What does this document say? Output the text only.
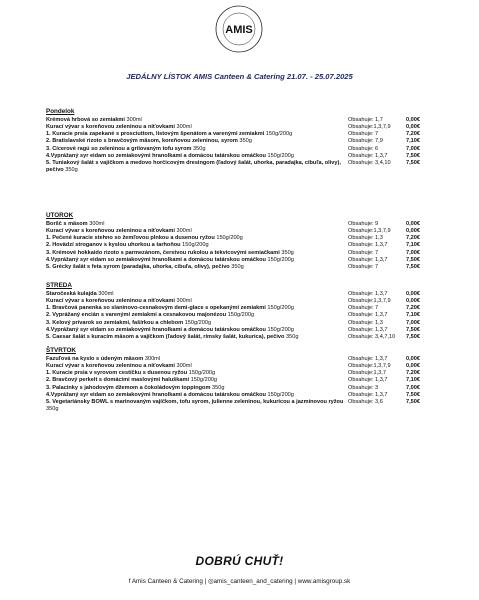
AMIS
JEDÁLNY LÍSTOK AMIS Canteen & Catering 21.07. - 25.07.2025
Pondelok
Krémová hrbová so zemiakmi 300ml	Obsahuje: 1,7	0,00€
Kurací vývar s koreňovou zeleninou a niťovkami 300ml	Obsahuje:1,3,7,9	0,00€
1. Kuracie prsia zapekané s prosciuttom, listovým špenátom a varenými zemiakmi 150g/200g	Obsahuje: 7	7,20€
2. Bratislavské rizoto s bravčovým mäsom, koreňovou zeleninou, syrom 350g	Obsahuje: 7,9	7,10€
3. Cícerové ragú so zeleninou a grilovaným tofu syrom 350g	Obsahuje: 6	7,00€
4.Vyprážaný syr eidam so zemiakovými hranolkami a domácou tatárskou omáčkou 150g/200g	Obsahuje: 1,3,7	7,50€
5. Tuniakový šalát s vajíčkom a medovo horčicovým dresingom (ľadový šalát, uhorka, paradajka, cibuľa, olivy), pečivo 350g
Obsahuje: 3,4,10	7,50€
UTOROK
Boršč s mäsom 300ml	Obsahuje: 9	0,00€
Kurací vývar s koreňovou zeleninou a niťovkami 300ml	Obsahuje:1,3,7,9	0,00€
1. Pečené kuracie stehno so žemľovou plnkou a dusenou ryžou 150g/200g	Obsahuje: 1,3	7,20€
2. Hovädzí stroganov s kyslou uhorkou a tarhoňou 150g/200g	Obsahuje: 1,3,7	7,10€
3. Krémové hokkaido rizoto s parmezánom, čerstvou rukolou a tekvicovými semiačkami 350g	Obsahuje: 7	7,00€
4.Vyprážaný syr eidam so zemiakovými hranolkami a domácou tatárskou omáčkou 150g/200g	Obsahuje: 1,3,7	7,50€
5. Grécky šalát s feta syrom (paradajka, uhorka, cibuľa, olivy), pečivo 350g	Obsahuje: 7	7,50€
STREDA
Staročeská kulajda 300ml	Obsahuje: 1,3,7	0,00€
Kurací vývar s koreňovou zeleninou a niťovkami 300ml	Obsahuje:1,3,7,9	0,00€
1. Bravčová panenka so slaninovo-cesnakovým demi-glace s opekanými zemiakmi 150g/200g	Obsahuje: 7	7,20€
2. Vyprážaný encián s varenými zemiakmi a cesnakovou majonézou 150g/200g	Obsahuje: 1,3,7	7,10€
3. Kelový prívarok so zemiakmi, fašírkou a chlebom 150g/200g	Obsahuje: 1,3	7,00€
4.Vyprážaný syr eidam so zemiakovými hranolkami a domácou tatárskou omáčkou 150g/200g	Obsahuje: 1,3,7	7,50€
5. Caesar šalát s kuracím mäsom a vajíčkom (ľadový šalát, rímsky šalát, kukurica), pečivo 350g	Obsahuje: 3,4,7,10	7,50€
ŠTVRTOK
Fazuľová na kyslo s údeným mäsom 300ml	Obsahuje: 1,3,7	0,00€
Kurací vývar s koreňovou zeleninou a niťovkami 300ml	Obsahuje:1,3,7,9	0,00€
1. Kuracie prsia v syrovom cestíčku s dusenou ryžou 150g/200g	Obsahuje:1,3,7	7,20€
2. Bravčový perkelt s domácimi maslovými haluškami 150g/200g	Obsahuje: 1,3,7	7,10€
3. Palacinky s jahodovým džemom a čokoládovým toppingom 350g	Obsahuje: 3	7,00€
4.Vyprážaný syr eidam so zemiakovými hranolkami a domácou tatárskou omáčkou 150g/200g	Obsahuje: 1,3,7	7,50€
5. Vegetariánsky BOWL s marinovaným vajíčkom, tofu syrom, julienne zeleninou, kukuricou a jazmínovou ryžou 350g
Obsahuje: 3,6	7,50€
DOBRÚ CHUŤ!
f Amis Canteen & Catering | ◎amis_canteen_and_catering | www.amisgroup.sk
